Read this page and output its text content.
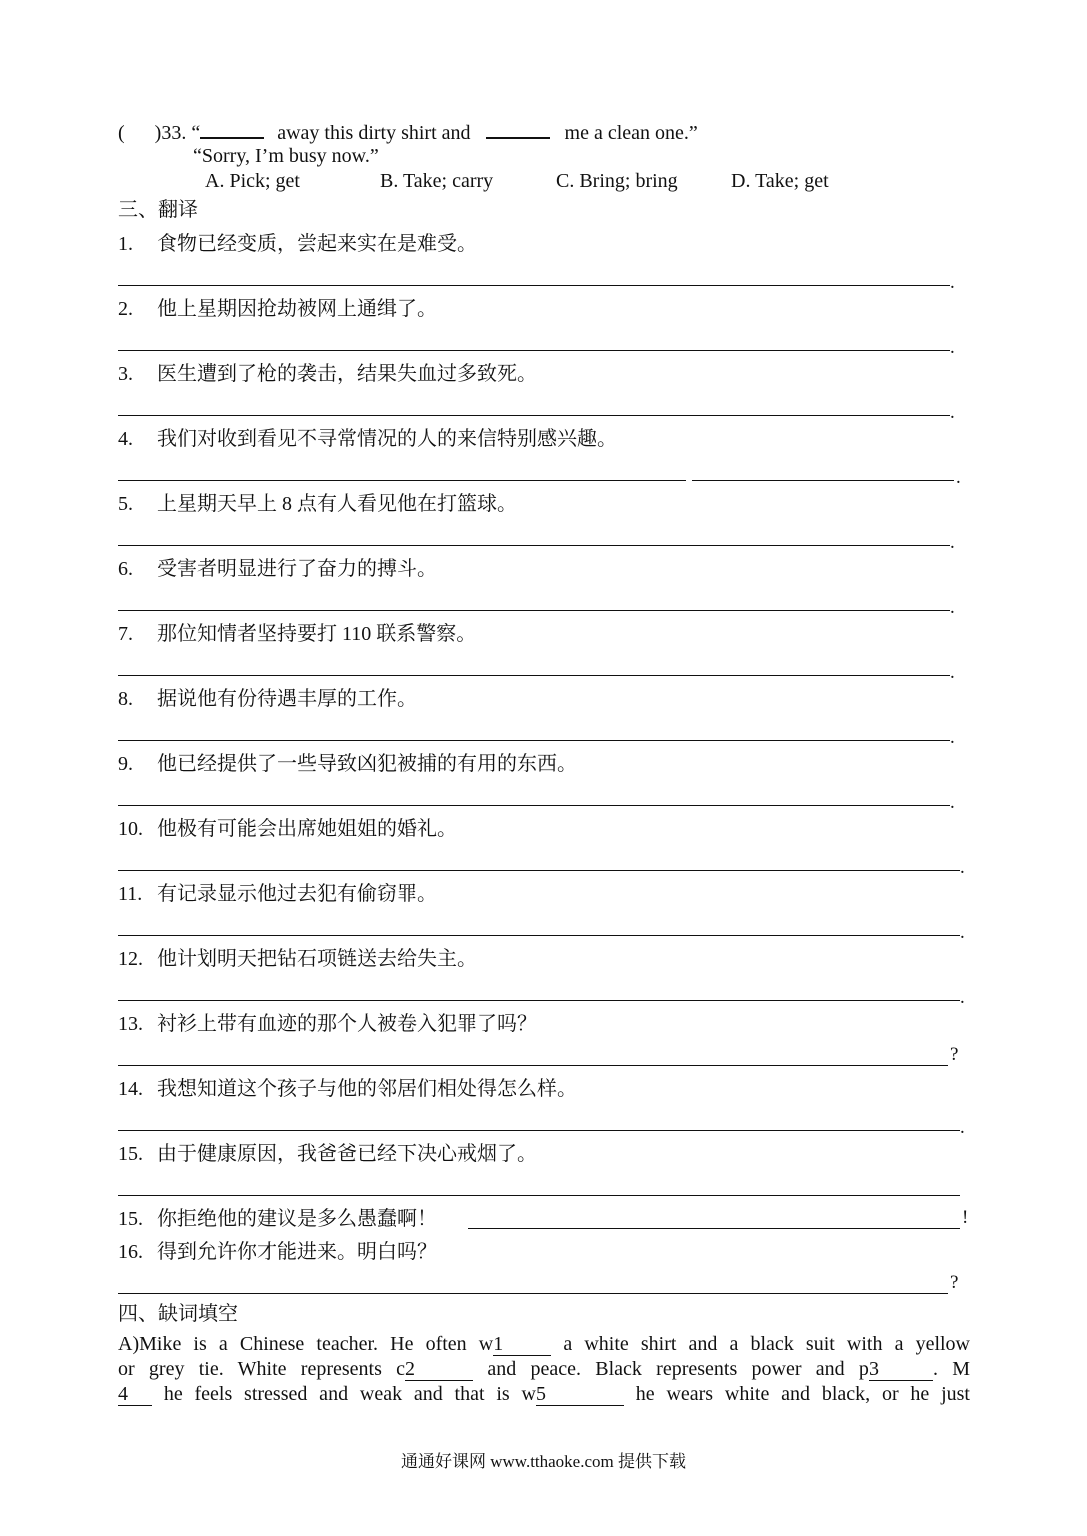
( )33. “	away this dirty shirt and	me a clean one.”
“Sorry, I’m busy now.”
A. Pick; get	B. Take; carry	C. Bring; bring	D. Take; get
三、翻译
1. 食物已经变质，尝起来实在是难受。
.
2. 他上星期因抢劫被网上通缉了。
.
3. 医生遭到了枪的袭击，结果失血过多致死。
.
4. 我们对收到看见不寻常情况的人的来信特别感兴趣。
.
5. 上星期天早上 8 点有人看见他在打篮球。
.
6. 受害者明显进行了奋力的搏斗。
.
7. 那位知情者坚持要打 110 联系警察。
.
8. 据说他有份待遇丰厚的工作。
.
9. 他已经提供了一些导致凶犯被捕的有用的东西。
.
10. 他极有可能会出席她姐姐的婚礼。
.
11. 有记录显示他过去犯有偷窃罪。
.
12. 他计划明天把钻石项链送去给失主。
.
13. 衬衫上带有血迹的那个人被卷入犯罪了吗？
?
14. 我想知道这个孩子与他的邻居们相处得怎么样。
.
15. 由于健康原因，我爸爸已经下决心戒烟了。
15. 你拒绝他的建议是多么愚蠢啊！	!
16. 得到允许你才能进来。明白吗？
?
四、缺词填空
A)Mike is a Chinese teacher. He often w1	a white shirt and a black suit with a yellow
or grey tie. White represents c2	and peace. Black represents power and p3	. M
4 he feels stressed and weak and that is w5	he wears white and black, or he just
通通好课网 www.tthaoke.com 提供下载
